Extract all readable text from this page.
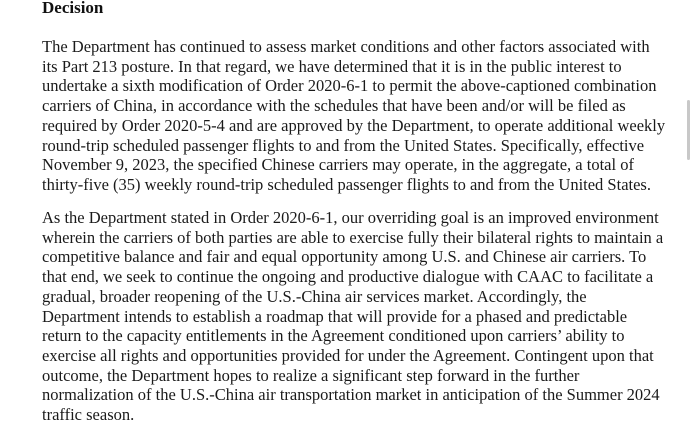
Decision
The Department has continued to assess market conditions and other factors associated with
its Part 213 posture. In that regard, we have determined that it is in the public interest to
undertake a sixth modification of Order 2020-6-1 to permit the above-captioned combination
carriers of China, in accordance with the schedules that have been and/or will be filed as
required by Order 2020-5-4 and are approved by the Department, to operate additional weekly
round-trip scheduled passenger flights to and from the United States. Specifically, effective
November 9, 2023, the specified Chinese carriers may operate, in the aggregate, a total of
thirty-five (35) weekly round-trip scheduled passenger flights to and from the United States.
As the Department stated in Order 2020-6-1, our overriding goal is an improved environment
wherein the carriers of both parties are able to exercise fully their bilateral rights to maintain a
competitive balance and fair and equal opportunity among U.S. and Chinese air carriers. To
that end, we seek to continue the ongoing and productive dialogue with CAAC to facilitate a
gradual, broader reopening of the U.S.-China air services market. Accordingly, the
Department intends to establish a roadmap that will provide for a phased and predictable
return to the capacity entitlements in the Agreement conditioned upon carriers’ ability to
exercise all rights and opportunities provided for under the Agreement. Contingent upon that
outcome, the Department hopes to realize a significant step forward in the further
normalization of the U.S.-China air transportation market in anticipation of the Summer 2024
traffic season.
